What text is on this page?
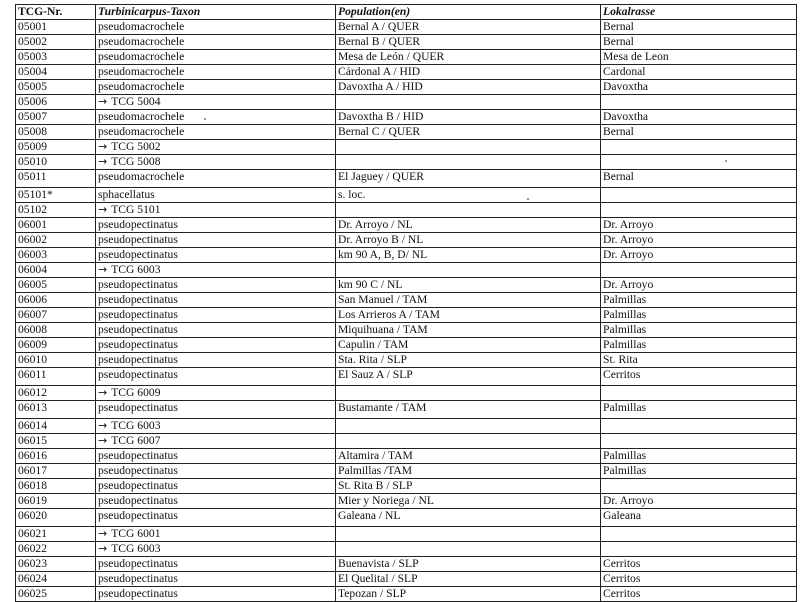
TCG-Nr.	Turbinicarpus-Taxon	Population(en)	Lokalrasse
05001	pseudomacrochele	Bernal A / QUER	Bernal
05002	pseudomacrochele	Bernal B / QUER	Bernal
05003	pseudomacrochele	Mesa de León / QUER	Mesa de Leon
05004	pseudomacrochele	Cárdonal A / HID	Cardonal
05005	pseudomacrochele	Davoxtha A / HID	Davoxtha
05006	→ TCG 5004		
05007	pseudomacrochele	Davoxtha B / HID	Davoxtha
05008	pseudomacrochele	Bernal C / QUER	Bernal
05009	→ TCG 5002		
05010	→ TCG 5008		
05011	pseudomacrochele	El Jaguey / QUER	Bernal
05101*	sphacellatus	s. loc.	
05102	→ TCG 5101		
06001	pseudopectinatus	Dr. Arroyo / NL	Dr. Arroyo
06002	pseudopectinatus	Dr. Arroyo B / NL	Dr. Arroyo
06003	pseudopectinatus	km 90 A, B, D/ NL	Dr. Arroyo
06004	→ TCG 6003		
06005	pseudopectinatus	km 90 C / NL	Dr. Arroyo
06006	pseudopectinatus	San Manuel / TAM	Palmillas
06007	pseudopectinatus	Los Arrieros A / TAM	Palmillas
06008	pseudopectinatus	Miquihuana / TAM	Palmillas
06009	pseudopectinatus	Capulin / TAM	Palmillas
06010	pseudopectinatus	Sta. Rita / SLP	St. Rita
06011	pseudopectinatus	El Sauz A / SLP	Cerritos
06012	→ TCG 6009		
06013	pseudopectinatus	Bustamante / TAM	Palmillas
06014	→ TCG 6003		
06015	→ TCG 6007		
06016	pseudopectinatus	Altamira / TAM	Palmillas
06017	pseudopectinatus	Palmillas /TAM	Palmillas
06018	pseudopectinatus	St. Rita B / SLP	
06019	pseudopectinatus	Mier y Noriega / NL	Dr. Arroyo
06020	pseudopectinatus	Galeana / NL	Galeana
06021	→ TCG 6001		
06022	→ TCG 6003		
06023	pseudopectinatus	Buenavista / SLP	Cerritos
06024	pseudopectinatus	El Quelital / SLP	Cerritos
06025	pseudopectinatus	Tepozan / SLP	Cerritos
